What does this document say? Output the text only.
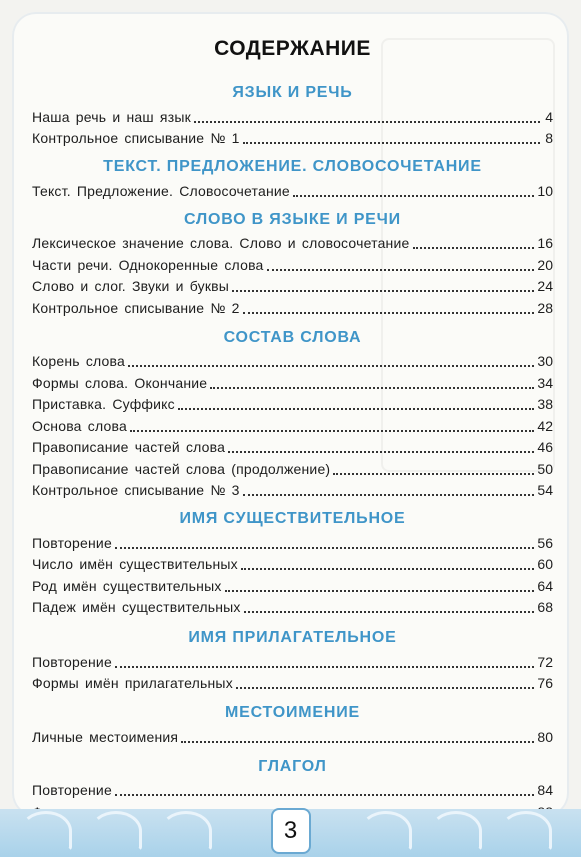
СОДЕРЖАНИЕ
ЯЗЫК И РЕЧЬ
Наша речь и наш язык	4
Контрольное списывание № 1	8
ТЕКСТ. ПРЕДЛОЖЕНИЕ. СЛОВОСОЧЕТАНИЕ
Текст. Предложение. Словосочетание	10
СЛОВО В ЯЗЫКЕ И РЕЧИ
Лексическое значение слова. Слово и словосочетание	16
Части речи. Однокоренные слова	20
Слово и слог. Звуки и буквы	24
Контрольное списывание № 2	28
СОСТАВ СЛОВА
Корень слова	30
Формы слова. Окончание	34
Приставка. Суффикс	38
Основа слова	42
Правописание частей слова	46
Правописание частей слова (продолжение)	50
Контрольное списывание № 3	54
ИМЯ СУЩЕСТВИТЕЛЬНОЕ
Повторение	56
Число имён существительных	60
Род имён существительных	64
Падеж имён существительных	68
ИМЯ ПРИЛАГАТЕЛЬНОЕ
Повторение	72
Формы имён прилагательных	76
МЕСТОИМЕНИЕ
Личные местоимения	80
ГЛАГОЛ
Повторение	84
3
